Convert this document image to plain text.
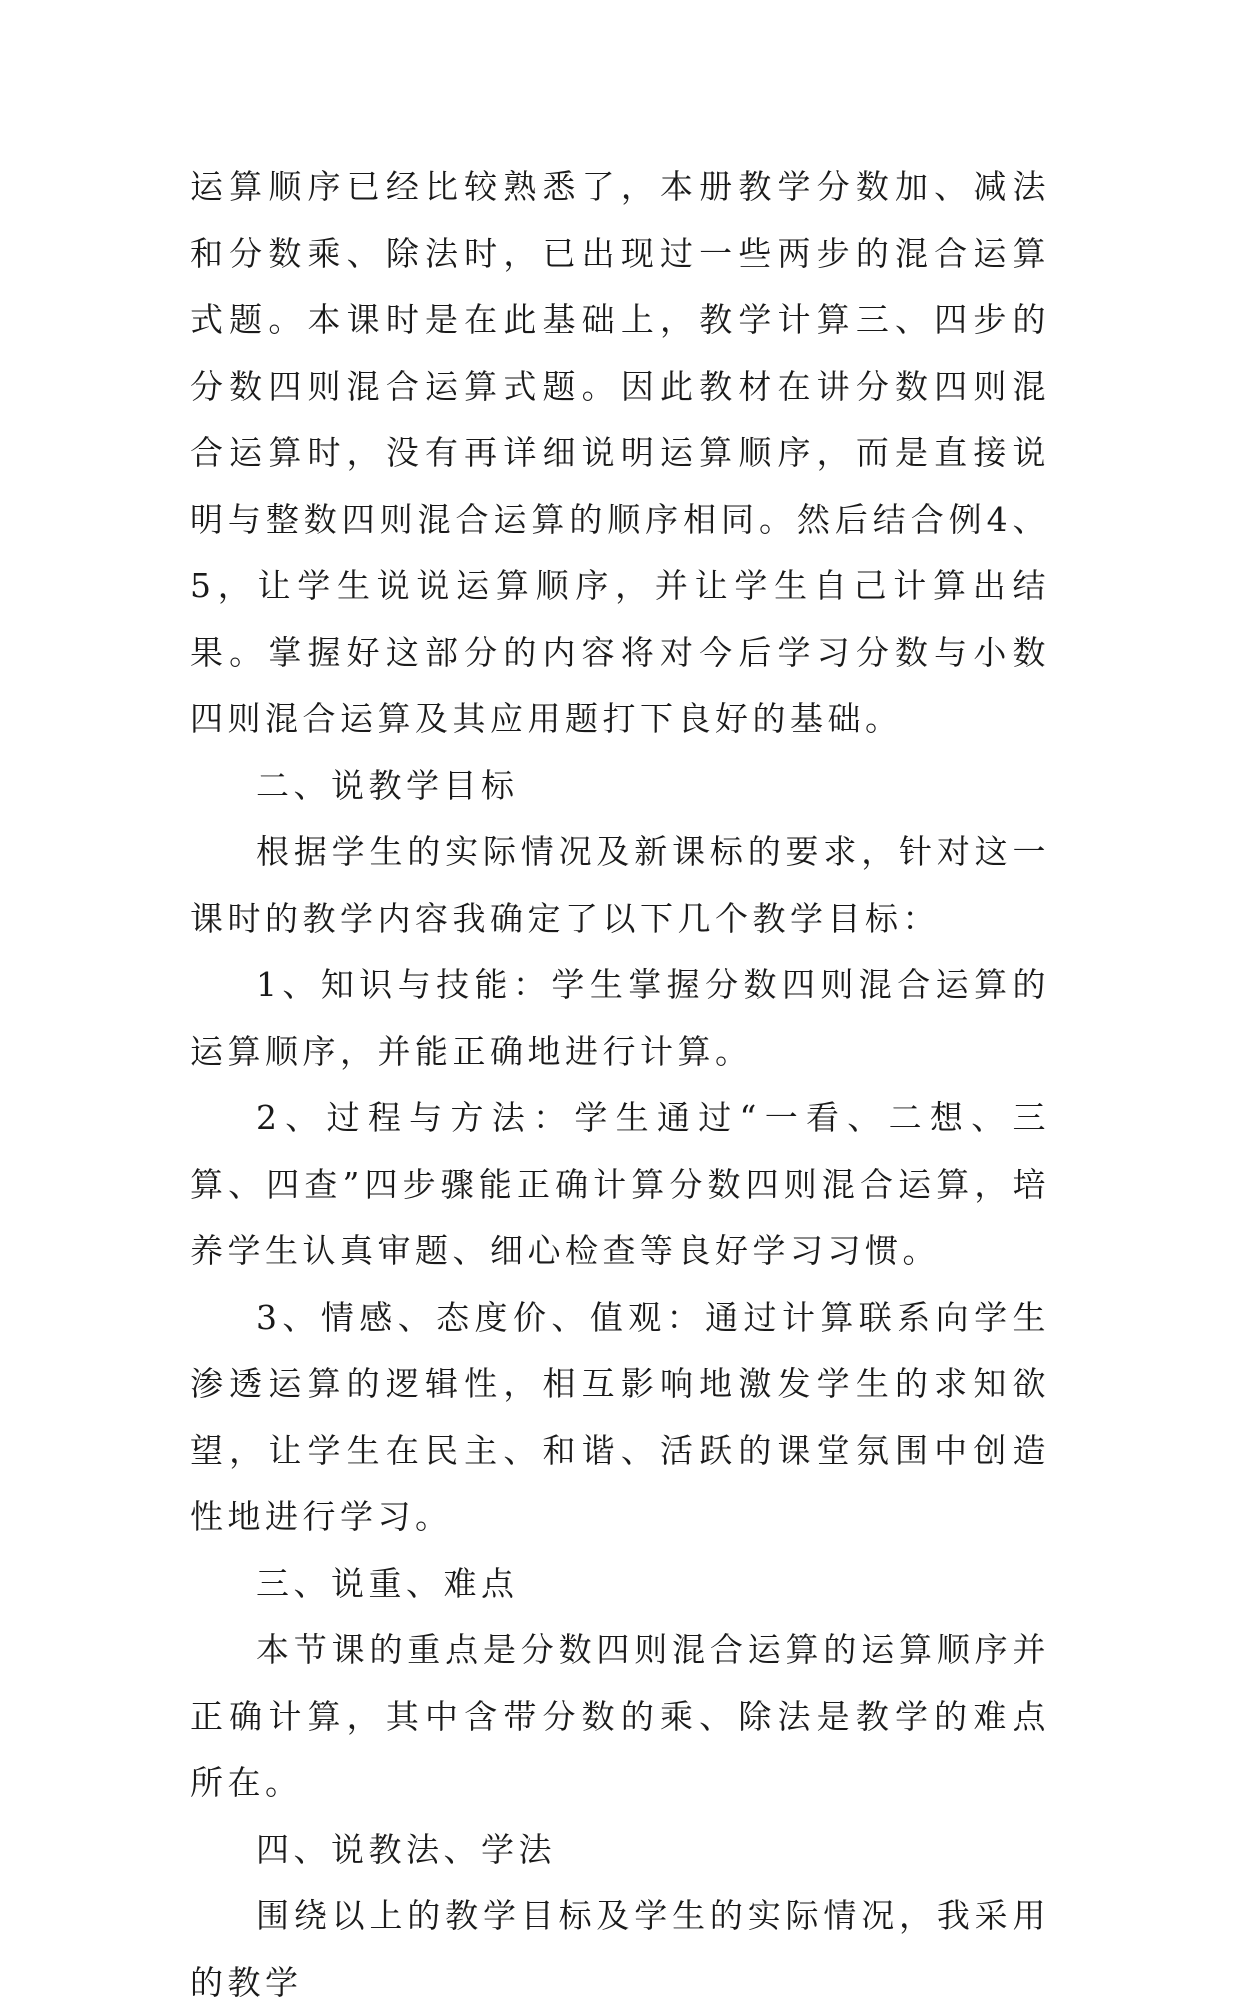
运算顺序已经比较熟悉了，本册教学分数加、减法和分数乘、除法时，已出现过一些两步的混合运算式题。本课时是在此基础上，教学计算三、四步的分数四则混合运算式题。因此教材在讲分数四则混合运算时，没有再详细说明运算顺序，而是直接说明与整数四则混合运算的顺序相同。然后结合例4、5，让学生说说运算顺序，并让学生自己计算出结果。掌握好这部分的内容将对今后学习分数与小数四则混合运算及其应用题打下良好的基础。

二、说教学目标

根据学生的实际情况及新课标的要求，针对这一课时的教学内容我确定了以下几个教学目标：

1、知识与技能：学生掌握分数四则混合运算的运算顺序，并能正确地进行计算。

2、过程与方法：学生通过“一看、二想、三算、四查”四步骤能正确计算分数四则混合运算，培养学生认真审题、细心检查等良好学习习惯。

3、情感、态度价、值观：通过计算联系向学生渗透运算的逻辑性，相互影响地激发学生的求知欲望，让学生在民主、和谐、活跃的课堂氛围中创造性地进行学习。

三、说重、难点

本节课的重点是分数四则混合运算的运算顺序并正确计算，其中含带分数的乘、除法是教学的难点所在。

四、说教法、学法

围绕以上的教学目标及学生的实际情况，我采用的教学
